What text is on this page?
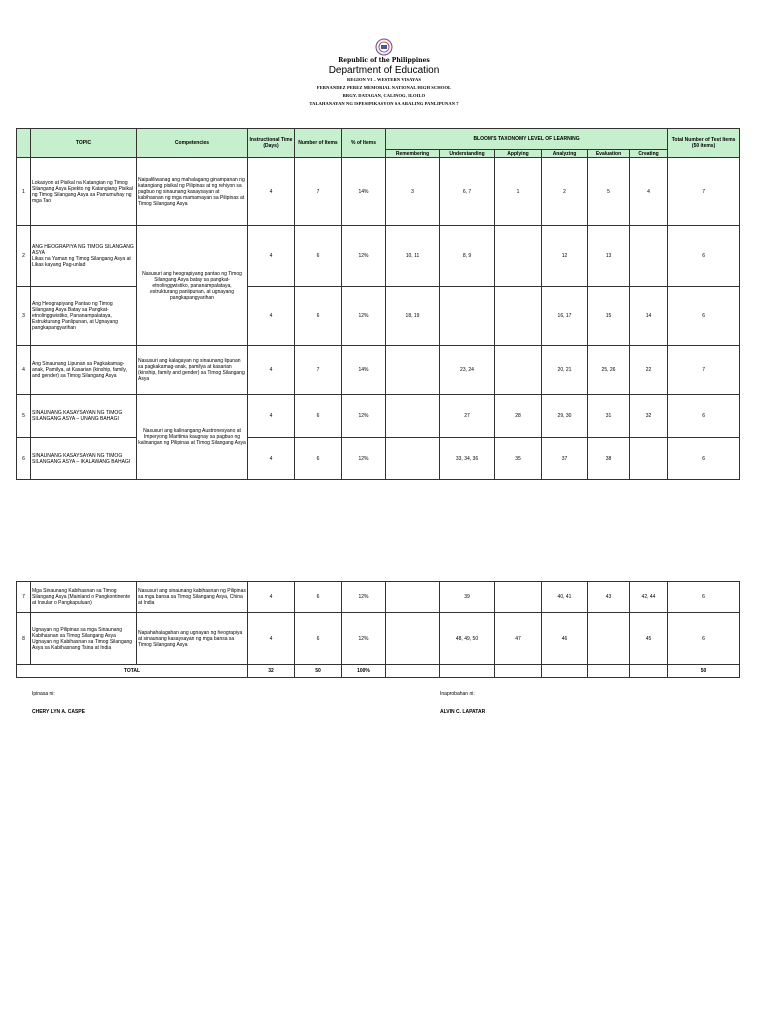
Republic of the Philippines
Department of Education
REGION VI – WESTERN VISAYAS
FERNANDEZ PEREZ MEMORIAL NATIONAL HIGH SCHOOL
BRGY. DATAGAN, CALINOG, ILOILO
TALAHANAYAN NG ISPESIPIKASYON SA ARALING PANLIPUNAN 7
	TOPIC	Competencies	Instructional Time (Days)	Number of Items	% of Items	BLOOM'S TAXONOMY LEVEL OF LEARNING						Total Number of Test Items (50 items)
						Remembering	Understanding	Applying	Analyzing	Evaluation	Creating	
1	Lokasyon at Pisikal na Katangian ng Timog Silangang Asya Epekto ng Katangiang Pisikal ng Timog Silangang Asya sa Pamumuhay ng mga Tao	Naipaliliwanag ang mahalagang ginampanan ng katangiang pisikal ng Pilipinas at ng rehiyon sa pagbuo ng sinaunang kasaysayan at kabihasnan ng mga mamamayan sa Pilipinas at Timog Silangang Asya	4	7	14%	3	6, 7	1	2	5	4	7
2	ANG HEOGRAPIYA NG TIMOG SILANGANG ASYA
Likas na Yaman ng Timog Silangang Asya at Likas kayang Pag-unlad	Nasusuri ang heograpiyang pantao ng Timog Silangang Asya batay sa pangkat-etnolinggwistiko, pananampalataya, estrukturang panlipunan, at ugnayang pangkapangyarihan	4	6	12%	10, 11	8, 9		12	13		6
3	Ang Heograpiyang Pantao ng Timog Silangang Asya Batay sa Pangkat-etnolinggwistiko, Pananampalataya, Estrukturang Panlipunan, at Ugnayang pangkapangyarihan		4	6	12%	18, 19			16, 17	15	14	6
4	Ang Sinaunang Lipunan sa Pagkakamag-anak, Pamilya, at Kasarian (kinship, family, and gender) sa Timog Silangang Asya	Nasusuri ang kalagayan ng sinaunang lipunan sa pagkakamag-anak, pamilya at kasarian (kinship, family and gender) sa Timog Silangang Asya	4	7	14%		23, 24		20, 21	25, 26	22	7
5	SINAUNANG KASAYSAYAN NG TIMOG SILANGANG ASYA – UNANG BAHAGI	Nasusuri ang kalinangang Austronesyano at Imperyong Maritima kaugnay sa pagbuo ng kalinangan ng Pilipinas at Timog Silangang Asya	4	6	12%		27	28	29, 30	31	32	6
6	SINAUNANG KASAYSAYAN NG TIMOG SILANGANG ASYA – IKALAWANG BAHAGI		4	6	12%		33, 34, 36	35	37	38		6
7	Mga Sinaunang Kabihasnan sa Timog Silangang Asya (Mainland o Pangkontinente at Insular o Pangkapuluan)	Nasusuri ang sinaunang kabihasnan ng Pilipinas sa mga bansa sa Timog Silangang Asya, China at India	4	6	12%		39		40, 41	43	42, 44	6
8	Ugnayan ng Pilipinas sa mga Sinaunang Kabihasnan sa Timog Silangang Asya
Ugnayan ng Kabihasnan sa Timog Silangang Asya sa Kabihasnang Tsina at India	Napahahalagahan ang ugnayan ng heograpiya at sinaunang kasaysayan ng mga bansa sa Timog Silangang Asya	4	6	12%		48, 49, 50	47	46		45	6
TOTAL			32	50	100%							50
Ipinasa ni:
CHERY LYN A. CASPE
Inaprobahan ni:
ALVIN C. LAPATAR
